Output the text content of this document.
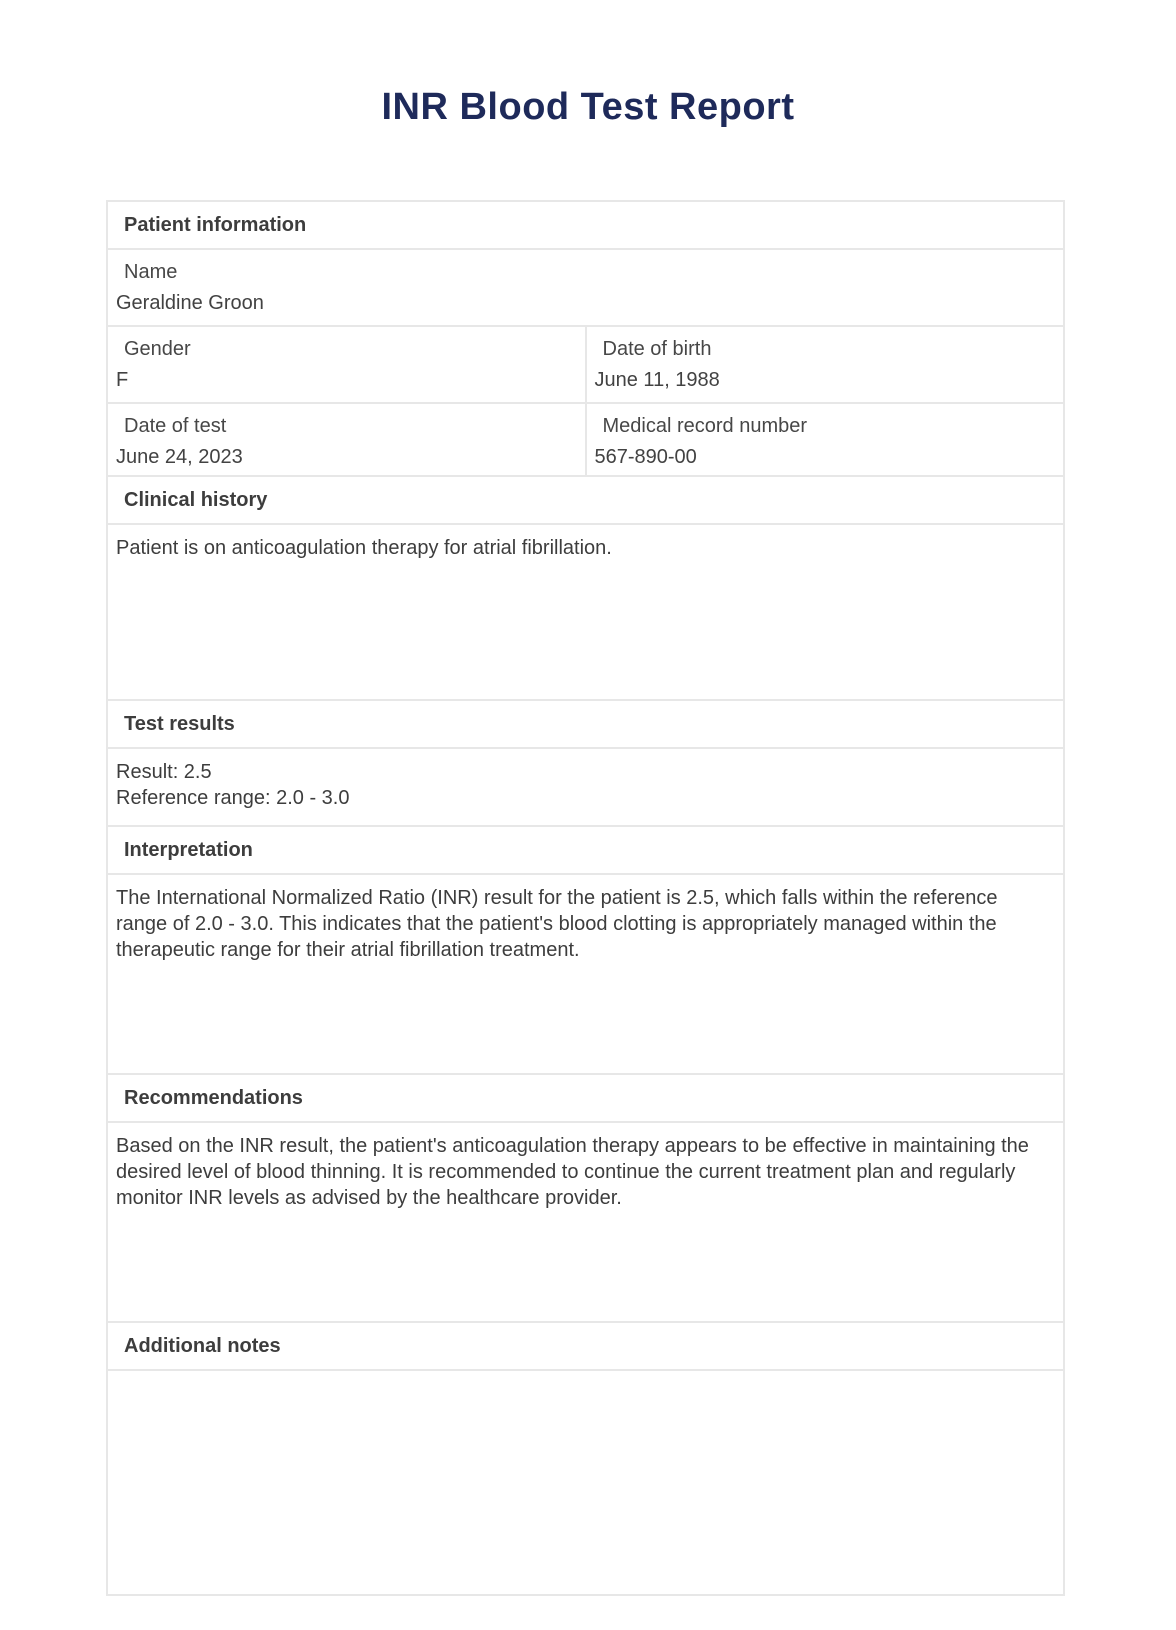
INR Blood Test Report
Patient information	

Name
Geraldine Groon	

Gender
F

Date of birth
June 11, 1988

Date of test
June 24, 2023

Medical record number
567-890-00

Clinical history	
Patient is on anticoagulation therapy for atrial fibrillation.	
Test results	

Result: 2.5
Reference range: 2.0 - 3.0	

Interpretation	
The International Normalized Ratio (INR) result for the patient is 2.5, which falls within the reference range of 2.0 - 3.0. This indicates that the patient's blood clotting is appropriately managed within the therapeutic range for their atrial fibrillation treatment.	
Recommendations	
Based on the INR result, the patient's anticoagulation therapy appears to be effective in maintaining the desired level of blood thinning. It is recommended to continue the current treatment plan and regularly monitor INR levels as advised by the healthcare provider.	
Additional notes	
